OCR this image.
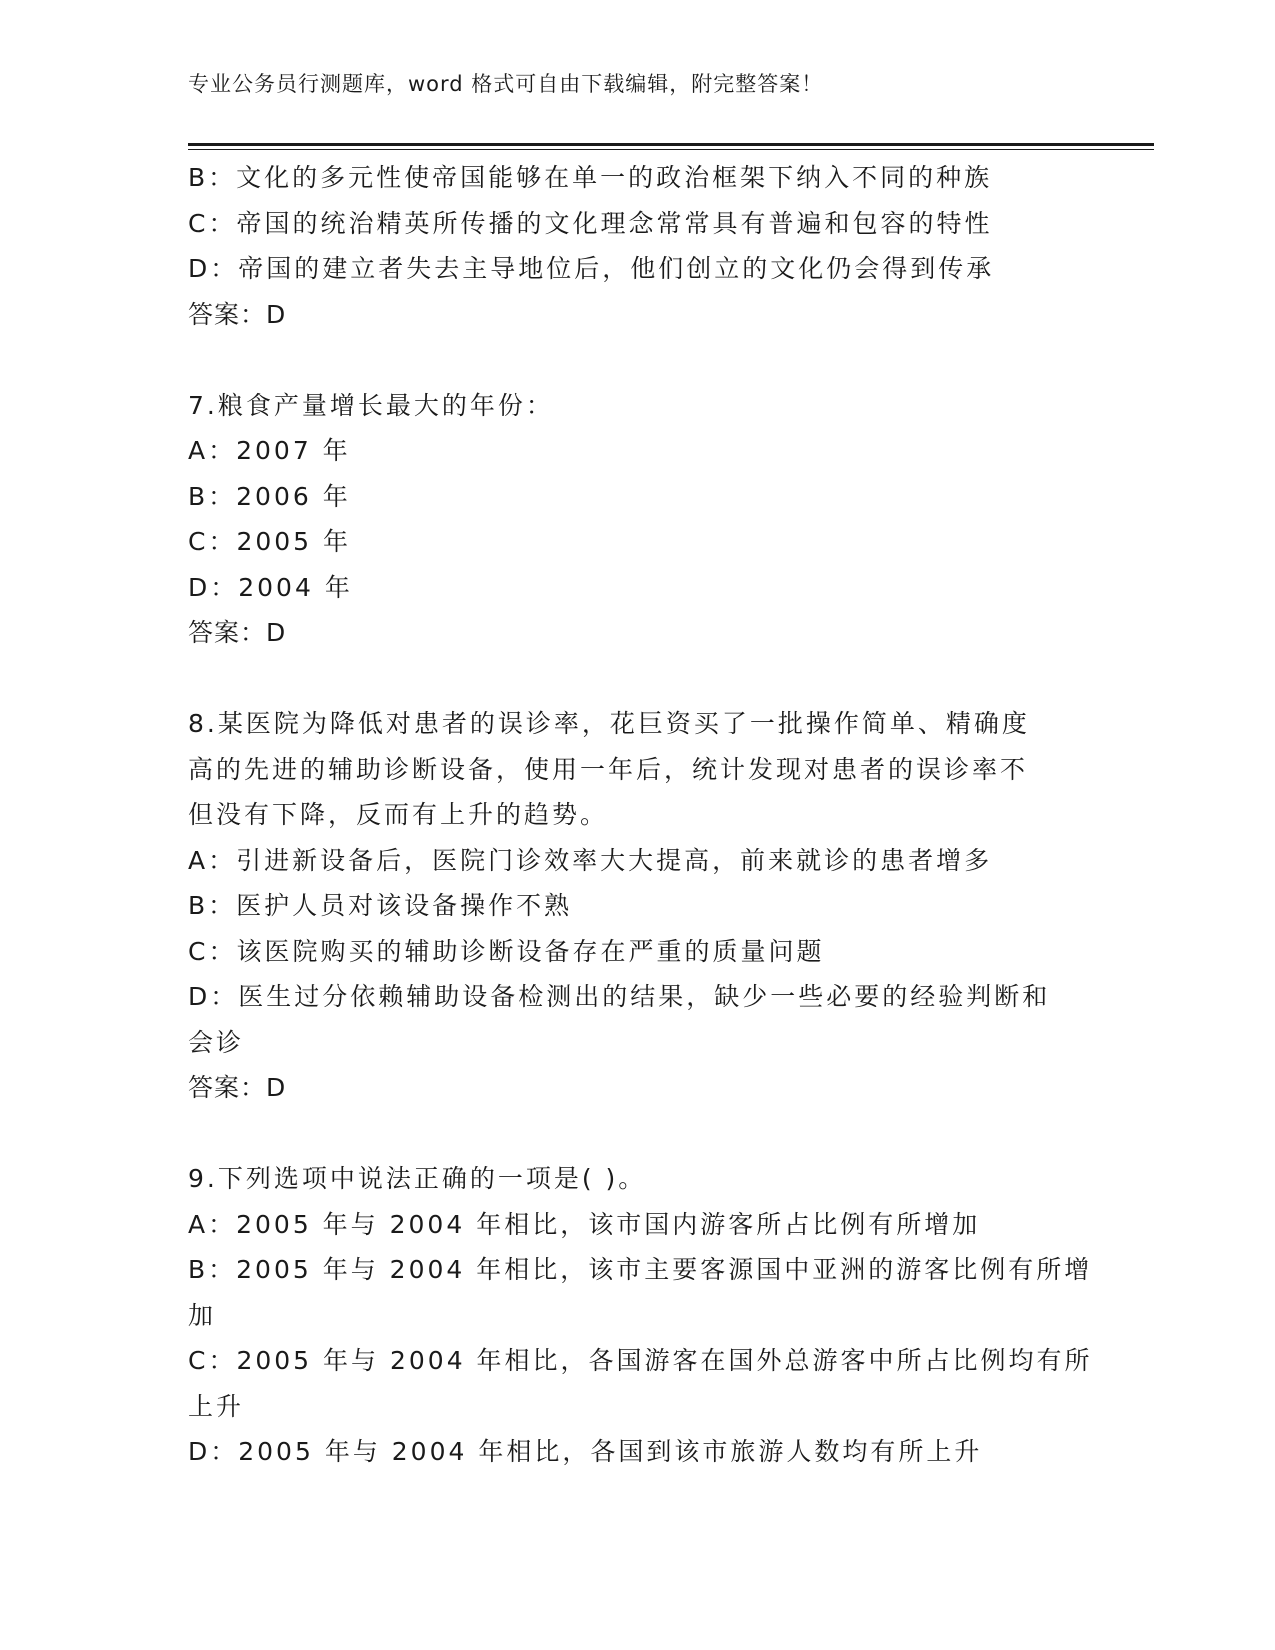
专业公务员行测题库，word 格式可自由下载编辑，附完整答案！
B：文化的多元性使帝国能够在单一的政治框架下纳入不同的种族
C：帝国的统治精英所传播的文化理念常常具有普遍和包容的特性
D：帝国的建立者失去主导地位后，他们创立的文化仍会得到传承
答案：D
7.粮食产量增长最大的年份：
A：2007 年
B：2006 年
C：2005 年
D：2004 年
答案：D
8.某医院为降低对患者的误诊率，花巨资买了一批操作简单、精确度
高的先进的辅助诊断设备，使用一年后，统计发现对患者的误诊率不
但没有下降，反而有上升的趋势。
A：引进新设备后，医院门诊效率大大提高，前来就诊的患者增多
B：医护人员对该设备操作不熟
C：该医院购买的辅助诊断设备存在严重的质量问题
D：医生过分依赖辅助设备检测出的结果，缺少一些必要的经验判断和
会诊
答案：D
9.下列选项中说法正确的一项是( )。
A：2005 年与 2004 年相比，该市国内游客所占比例有所增加
B：2005 年与 2004 年相比，该市主要客源国中亚洲的游客比例有所增
加
C：2005 年与 2004 年相比，各国游客在国外总游客中所占比例均有所
上升
D：2005 年与 2004 年相比，各国到该市旅游人数均有所上升
